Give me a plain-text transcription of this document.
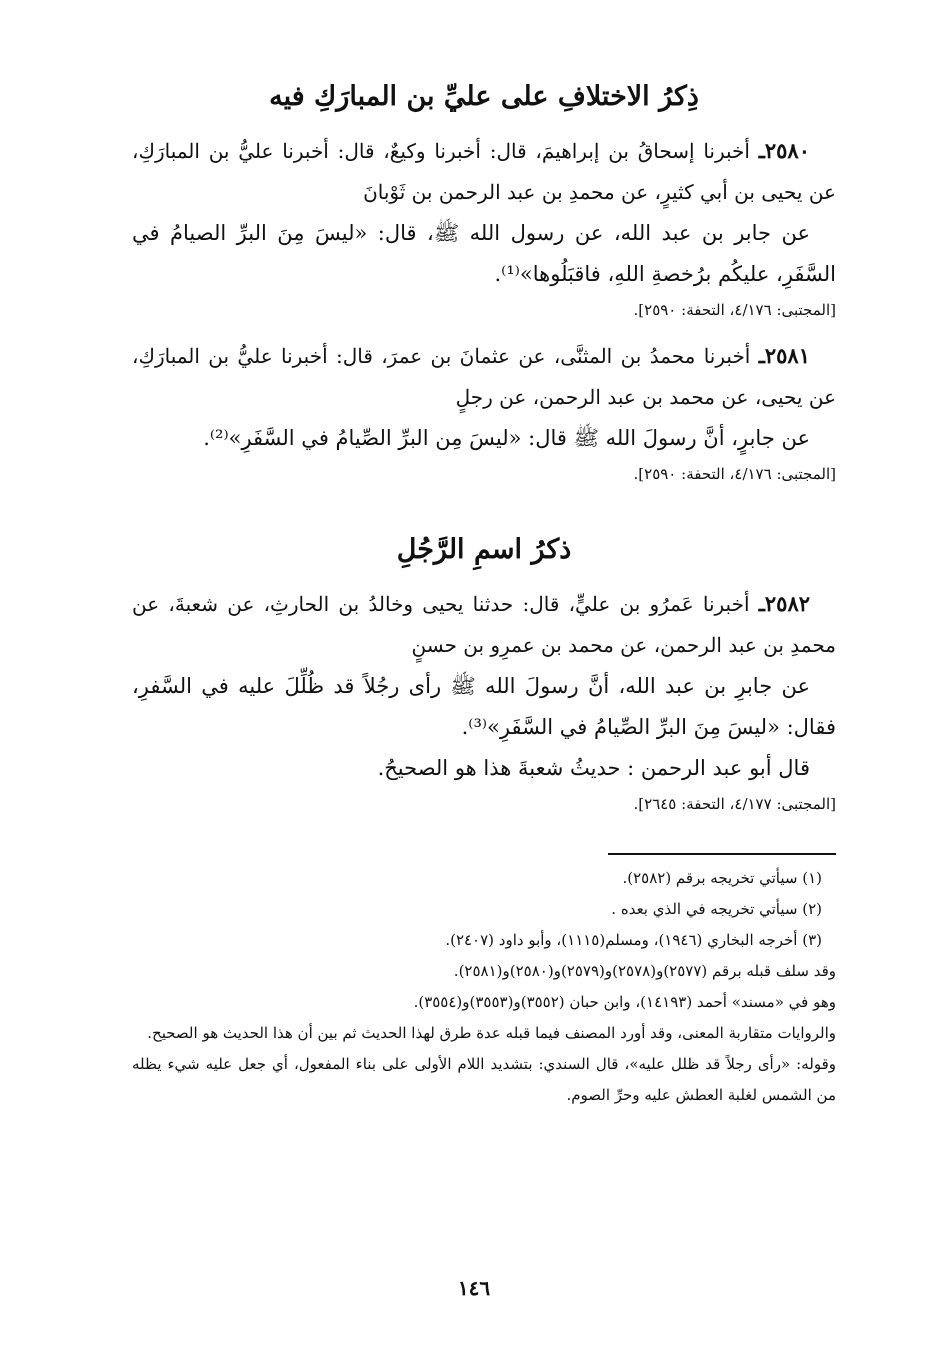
ذِكرُ الاختلافِ على عليِّ بن المبارَكِ فيه

٢٥٨٠ـ أخبرنا إسحاقُ بن إبراهيمَ، قال: أخبرنا وكيعٌ، قال: أخبرنا عليُّ بن المبارَكِ، عن يحيى بن أبي كثيرٍ، عن محمدِ بن عبد الرحمن بن ثَوْبانَ

عن جابر بن عبد الله، عن رسول الله ﷺ، قال: «ليسَ مِنَ البرِّ الصيامُ في السَّفَرِ، عليكُم برُخصةِ اللهِ، فاقبَلُوها»⁽¹⁾.

[المجتبى: ٤/١٧٦، التحفة: ٢٥٩٠].

٢٥٨١ـ أخبرنا محمدُ بن المثنَّى، عن عثمانَ بن عمرَ، قال: أخبرنا عليُّ بن المبارَكِ، عن يحيى، عن محمد بن عبد الرحمن، عن رجلٍ

عن جابرٍ، أنَّ رسولَ الله ﷺ قال: «ليسَ مِن البرِّ الصِّيامُ في السَّفَرِ»⁽²⁾.

[المجتبى: ٤/١٧٦، التحفة: ٢٥٩٠].
ذكرُ اسمِ الرَّجُلِ

٢٥٨٢ـ أخبرنا عَمرُو بن عليٍّ، قال: حدثنا يحيى وخالدُ بن الحارثِ، عن شعبةَ، عن محمدِ بن عبد الرحمن، عن محمد بن عمرِو بن حسنٍ

عن جابرِ بن عبد الله، أنَّ رسولَ الله ﷺ رأى رجُلاً قد ظُلِّلَ عليه في السَّفرِ، فقال: «ليسَ مِنَ البرِّ الصِّيامُ في السَّفَرِ»⁽³⁾.

قال أبو عبد الرحمن : حديثُ شعبةَ هذا هو الصحيحُ.

[المجتبى: ٤/١٧٧، التحفة: ٢٦٤٥].

(١) سيأتي تخريجه برقم (٢٥٨٢).

(٢) سيأتي تخريجه في الذي بعده .

(٣) أخرجه البخاري (١٩٤٦)، ومسلم(١١١٥)، وأبو داود (٢٤٠٧).

وقد سلف قبله برقم (٢٥٧٧)و(٢٥٧٨)و(٢٥٧٩)و(٢٥٨٠)و(٢٥٨١).

وهو في «مسند» أحمد (١٤١٩٣)، وابن حبان (٣٥٥٢)و(٣٥٥٣)و(٣٥٥٤).

والروايات متقاربة المعنى، وقد أورد المصنف فيما قبله عدة طرق لهذا الحديث ثم بين أن هذا الحديث هو الصحيح.

وقوله: «رأى رجلاً قد ظلل عليه»، قال السندي: بتشديد اللام الأولى على بناء المفعول، أي جعل عليه شيء يظله من الشمس لغلبة العطش عليه وحرِّ الصوم.

١٤٦
